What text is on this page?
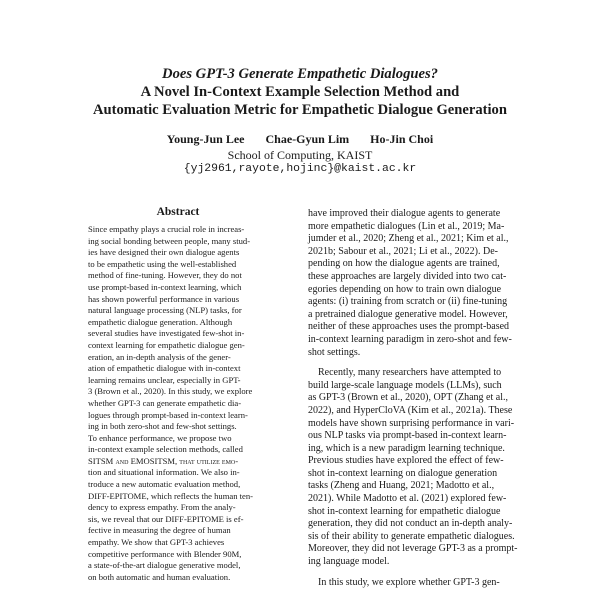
Does GPT-3 Generate Empathetic Dialogues?
A Novel In-Context Example Selection Method and
Automatic Evaluation Metric for Empathetic Dialogue Generation
Young-Jun Lee Chae-Gyun Lim Ho-Jin Choi
School of Computing, KAIST
{yj2961,rayote,hojinc}@kaist.ac.kr
Abstract
Since empathy plays a crucial role in increas-
ing social bonding between people, many stud-
ies have designed their own dialogue agents
to be empathetic using the well-established
method of fine-tuning. However, they do not
use prompt-based in-context learning, which
has shown powerful performance in various
natural language processing (NLP) tasks, for
empathetic dialogue generation. Although
several studies have investigated few-shot in-
context learning for empathetic dialogue gen-
eration, an in-depth analysis of the gener-
ation of empathetic dialogue with in-context
learning remains unclear, especially in GPT-
3 (Brown et al., 2020). In this study, we explore
whether GPT-3 can generate empathetic dia-
logues through prompt-based in-context learn-
ing in both zero-shot and few-shot settings.
To enhance performance, we propose two
in-context example selection methods, called
SITSM and EMOSITSM, that utilize emo-
tion and situational information. We also in-
troduce a new automatic evaluation method,
DIFF-EPITOME, which reflects the human ten-
dency to express empathy. From the analy-
sis, we reveal that our DIFF-EPITOME is ef-
fective in measuring the degree of human
empathy. We show that GPT-3 achieves
competitive performance with Blender 90M,
a state-of-the-art dialogue generative model,
on both automatic and human evaluation.
have improved their dialogue agents to generate
more empathetic dialogues (Lin et al., 2019; Ma-
jumder et al., 2020; Zheng et al., 2021; Kim et al.,
2021b; Sabour et al., 2021; Li et al., 2022). De-
pending on how the dialogue agents are trained,
these approaches are largely divided into two cat-
egories depending on how to train own dialogue
agents: (i) training from scratch or (ii) fine-tuning
a pretrained dialogue generative model. However,
neither of these approaches uses the prompt-based
in-context learning paradigm in zero-shot and few-
shot settings.
Recently, many researchers have attempted to
build large-scale language models (LLMs), such
as GPT-3 (Brown et al., 2020), OPT (Zhang et al.,
2022), and HyperCloVA (Kim et al., 2021a). These
models have shown surprising performance in vari-
ous NLP tasks via prompt-based in-context learn-
ing, which is a new paradigm learning technique.
Previous studies have explored the effect of few-
shot in-context learning on dialogue generation
tasks (Zheng and Huang, 2021; Madotto et al.,
2021). While Madotto et al. (2021) explored few-
shot in-context learning for empathetic dialogue
generation, they did not conduct an in-depth analy-
sis of their ability to generate empathetic dialogues.
Moreover, they did not leverage GPT-3 as a prompt-
ing language model.
In this study, we explore whether GPT-3 gen-
